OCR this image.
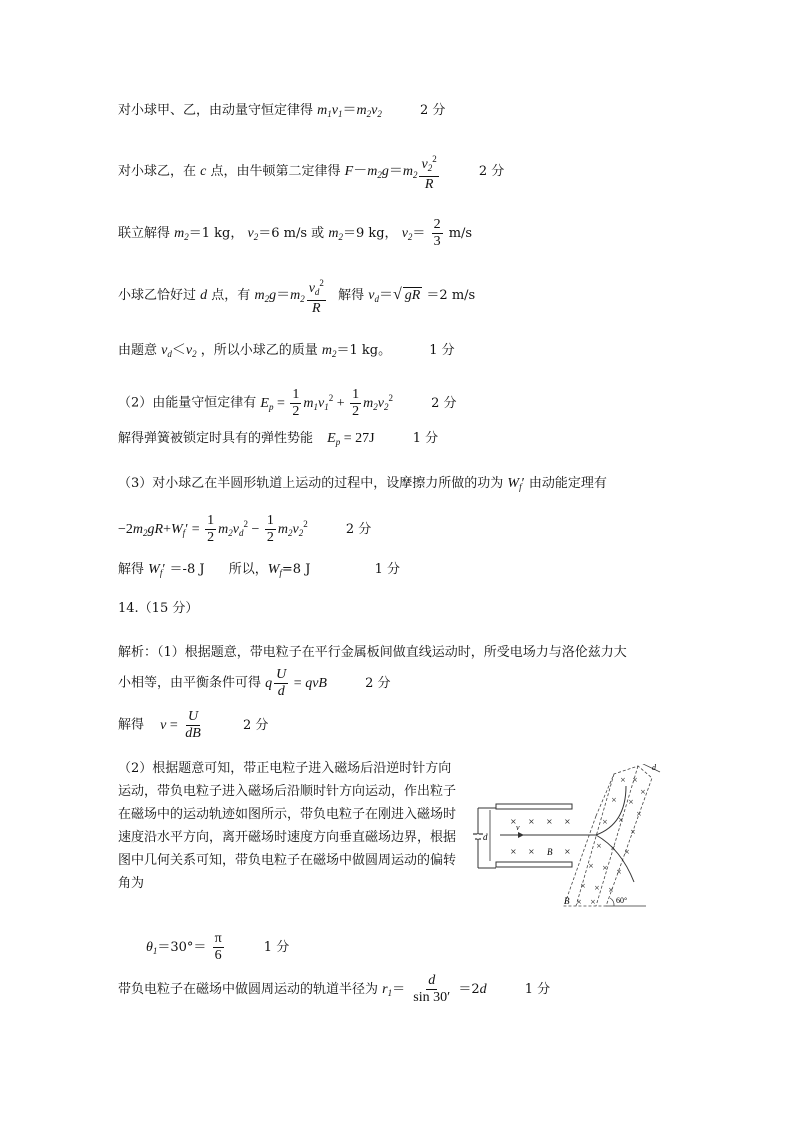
对小球甲、乙，由动量守恒定律得 $m_1v_1=m_2v_2$	2 分
对小球乙，在 c 点，由牛顿第二定律得 $F-m_2g=m_2 \frac{v_2^2}{R}$	2 分
联立解得 $m_2=1$ kg， $v_2=6$ m/s 或 $m_2=9$ kg， $v_2= \frac{2}{3} m/s$
小球乙恰好过 d 点，有 $m_2g=m_2 \frac{v_d^2}{R}$ 解得 $v_d=√$ gR ＝2 m/s
由题意 $v_d<v_2$ ，所以小球乙的质量 $m_2=1$ kg。	1 分
（2）由能量守恒定律有 $E_p = \frac{1}{2} m_1v_1^2 + \frac{1}{2} m_2v_2^2$	2 分
解得弹簧被锁定时具有的弹性势能 $E_p = 27J$	1 分
（3）对小球乙在半圆形轨道上运动的过程中，设摩擦力所做的功为 $W_f'$ 由动能定理有
$-2m_2gR+W_f' = \frac{1}{2} m_2v_d^2 - \frac{1}{2} m_2v_2^2$	2 分
解得 $W_f' =-8$ J 所以，$W_f=8$ J	1 分
14.（15 分）
解析：（1）根据题意，带电粒子在平行金属板间做直线运动时，所受电场力与洛伦兹力大
小相等，由平衡条件可得 q $\frac{U}{d}$ = qvB	2 分
解得 $v = \frac{U}{dB}$	2 分
（2）根据题意可知，带正电粒子进入磁场后沿逆时针方向运动，带负电粒子进入磁场后沿顺时针方向运动，作出粒子在磁场中的运动轨迹如图所示，带负电粒子在刚进入磁场时速度沿水平方向，离开磁场时速度方向垂直磁场边界，根据图中几何关系可知，带负电粒子在磁场中做圆周运动的偏转角为
d
v
× × × ×
× ×	×
B
d
× ×
×
× ×
×
× ×
×
× × ×
× × ×
× × ×
× ×
B	60°
$\theta_1=30^\circ= \frac{\pi}{6}$	1 分
带负电粒子在磁场中做圆周运动的轨道半径为 $r_1= \frac{d}{\sin 30'} =2d$	1 分
